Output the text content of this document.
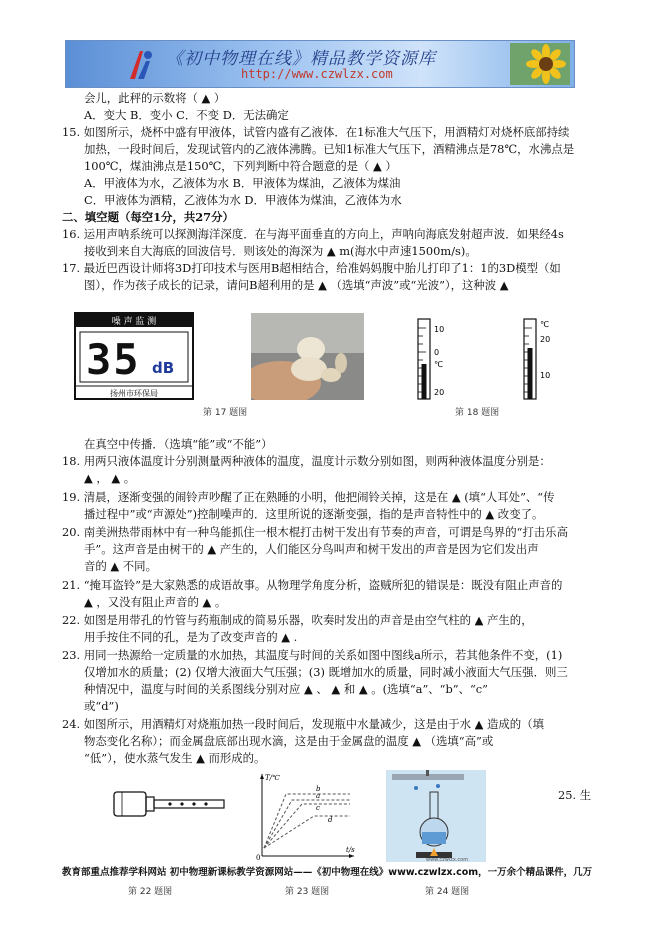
《初中物理在线》精品教学资源库
http://www.czwlzx.com
会儿，此秤的示数将（ ▲ ）
A．变大 B．变小 C．不变 D．无法确定
15. 如图所示，烧杯中盛有甲液体，试管内盛有乙液体．在1标准大气压下，用酒精灯对烧杯底部持续
加热，一段时间后，发现试管内的乙液体沸腾。已知1标准大气压下，酒精沸点是78℃，水沸点是
100℃，煤油沸点是150℃，下列判断中符合题意的是（ ▲ ）
A．甲液体为水，乙液体为水 B．甲液体为煤油，乙液体为煤油
C．甲液体为酒精，乙液体为水 D．甲液体为煤油，乙液体为水
二、填空题（每空1分，共27分）
16. 运用声呐系统可以探测海洋深度．在与海平面垂直的方向上，声呐向海底发射超声波．如果经4s
接收到来自大海底的回波信号．则该处的海深为 ▲ m(海水中声速1500m/s)。
17. 最近巴西设计师将3D打印技术与医用B超相结合，给准妈妈腹中胎儿打印了1：1的3D模型（如
图），作为孩子成长的记录，请问B超利用的是 ▲ （选填“声波”或“光波”），这种波 ▲
噪 声 监 测
35 dB
扬州市环保局
10
0
℃
20
℃
20
10
第 17 题图	第 18 题图
在真空中传播．（选填“能”或“不能”）
18. 用两只液体温度计分别测量两种液体的温度，温度计示数分别如图，则两种液体温度分别是：
▲ ， ▲ 。
19. 清晨，逐渐变强的闹铃声吵醒了正在熟睡的小明，他把闹铃关掉，这是在 ▲ (填“人耳处”、“传
播过程中”或“声源处”)控制噪声的．这里所说的逐渐变强，指的是声音特性中的 ▲ 改变了。
20. 南美洲热带雨林中有一种鸟能抓住一根木棍打击树干发出有节奏的声音，可谓是鸟界的“打击乐高
手”。这声音是由树干的 ▲ 产生的，人们能区分鸟叫声和树干发出的声音是因为它们发出声
音的 ▲ 不同。
21. “掩耳盗铃”是大家熟悉的成语故事。从物理学角度分析，盗贼所犯的错误是：既没有阻止声音的
▲ ，又没有阻止声音的 ▲ 。
22. 如图是用带孔的竹管与药瓶制成的简易乐器，吹奏时发出的声音是由空气柱的 ▲ 产生的，
用手按住不同的孔，是为了改变声音的 ▲ .
23. 用同一热源给一定质量的水加热，其温度与时间的关系如图中图线a所示，若其他条件不变，(1)
仅增加水的质量；(2) 仅增大液面大气压强；(3) 既增加水的质量，同时减小液面大气压强．则三
种情况中，温度与时间的关系图线分别对应 ▲ 、 ▲ 和 ▲ 。(选填“a”、“b”、“c”
或“d”)
24. 如图所示，用酒精灯对烧瓶加热一段时间后，发现瓶中水量减少，这是由于水 ▲ 造成的（填
物态变化名称）；而金属盘底部出现水滴，这是由于金属盘的温度 ▲ （选填“高”或
“低”），使水蒸气发生 ▲ 而形成的。
T/℃
t/s
0
b
a
c
d
www.czwlzx.com
25. 生
第 22 题图	第 23 题图	第 24 题图
教育部重点推荐学科网站 初中物理新课标教学资源网站——《初中物理在线》www.czwlzx.com，一万余个精品课件，几万
